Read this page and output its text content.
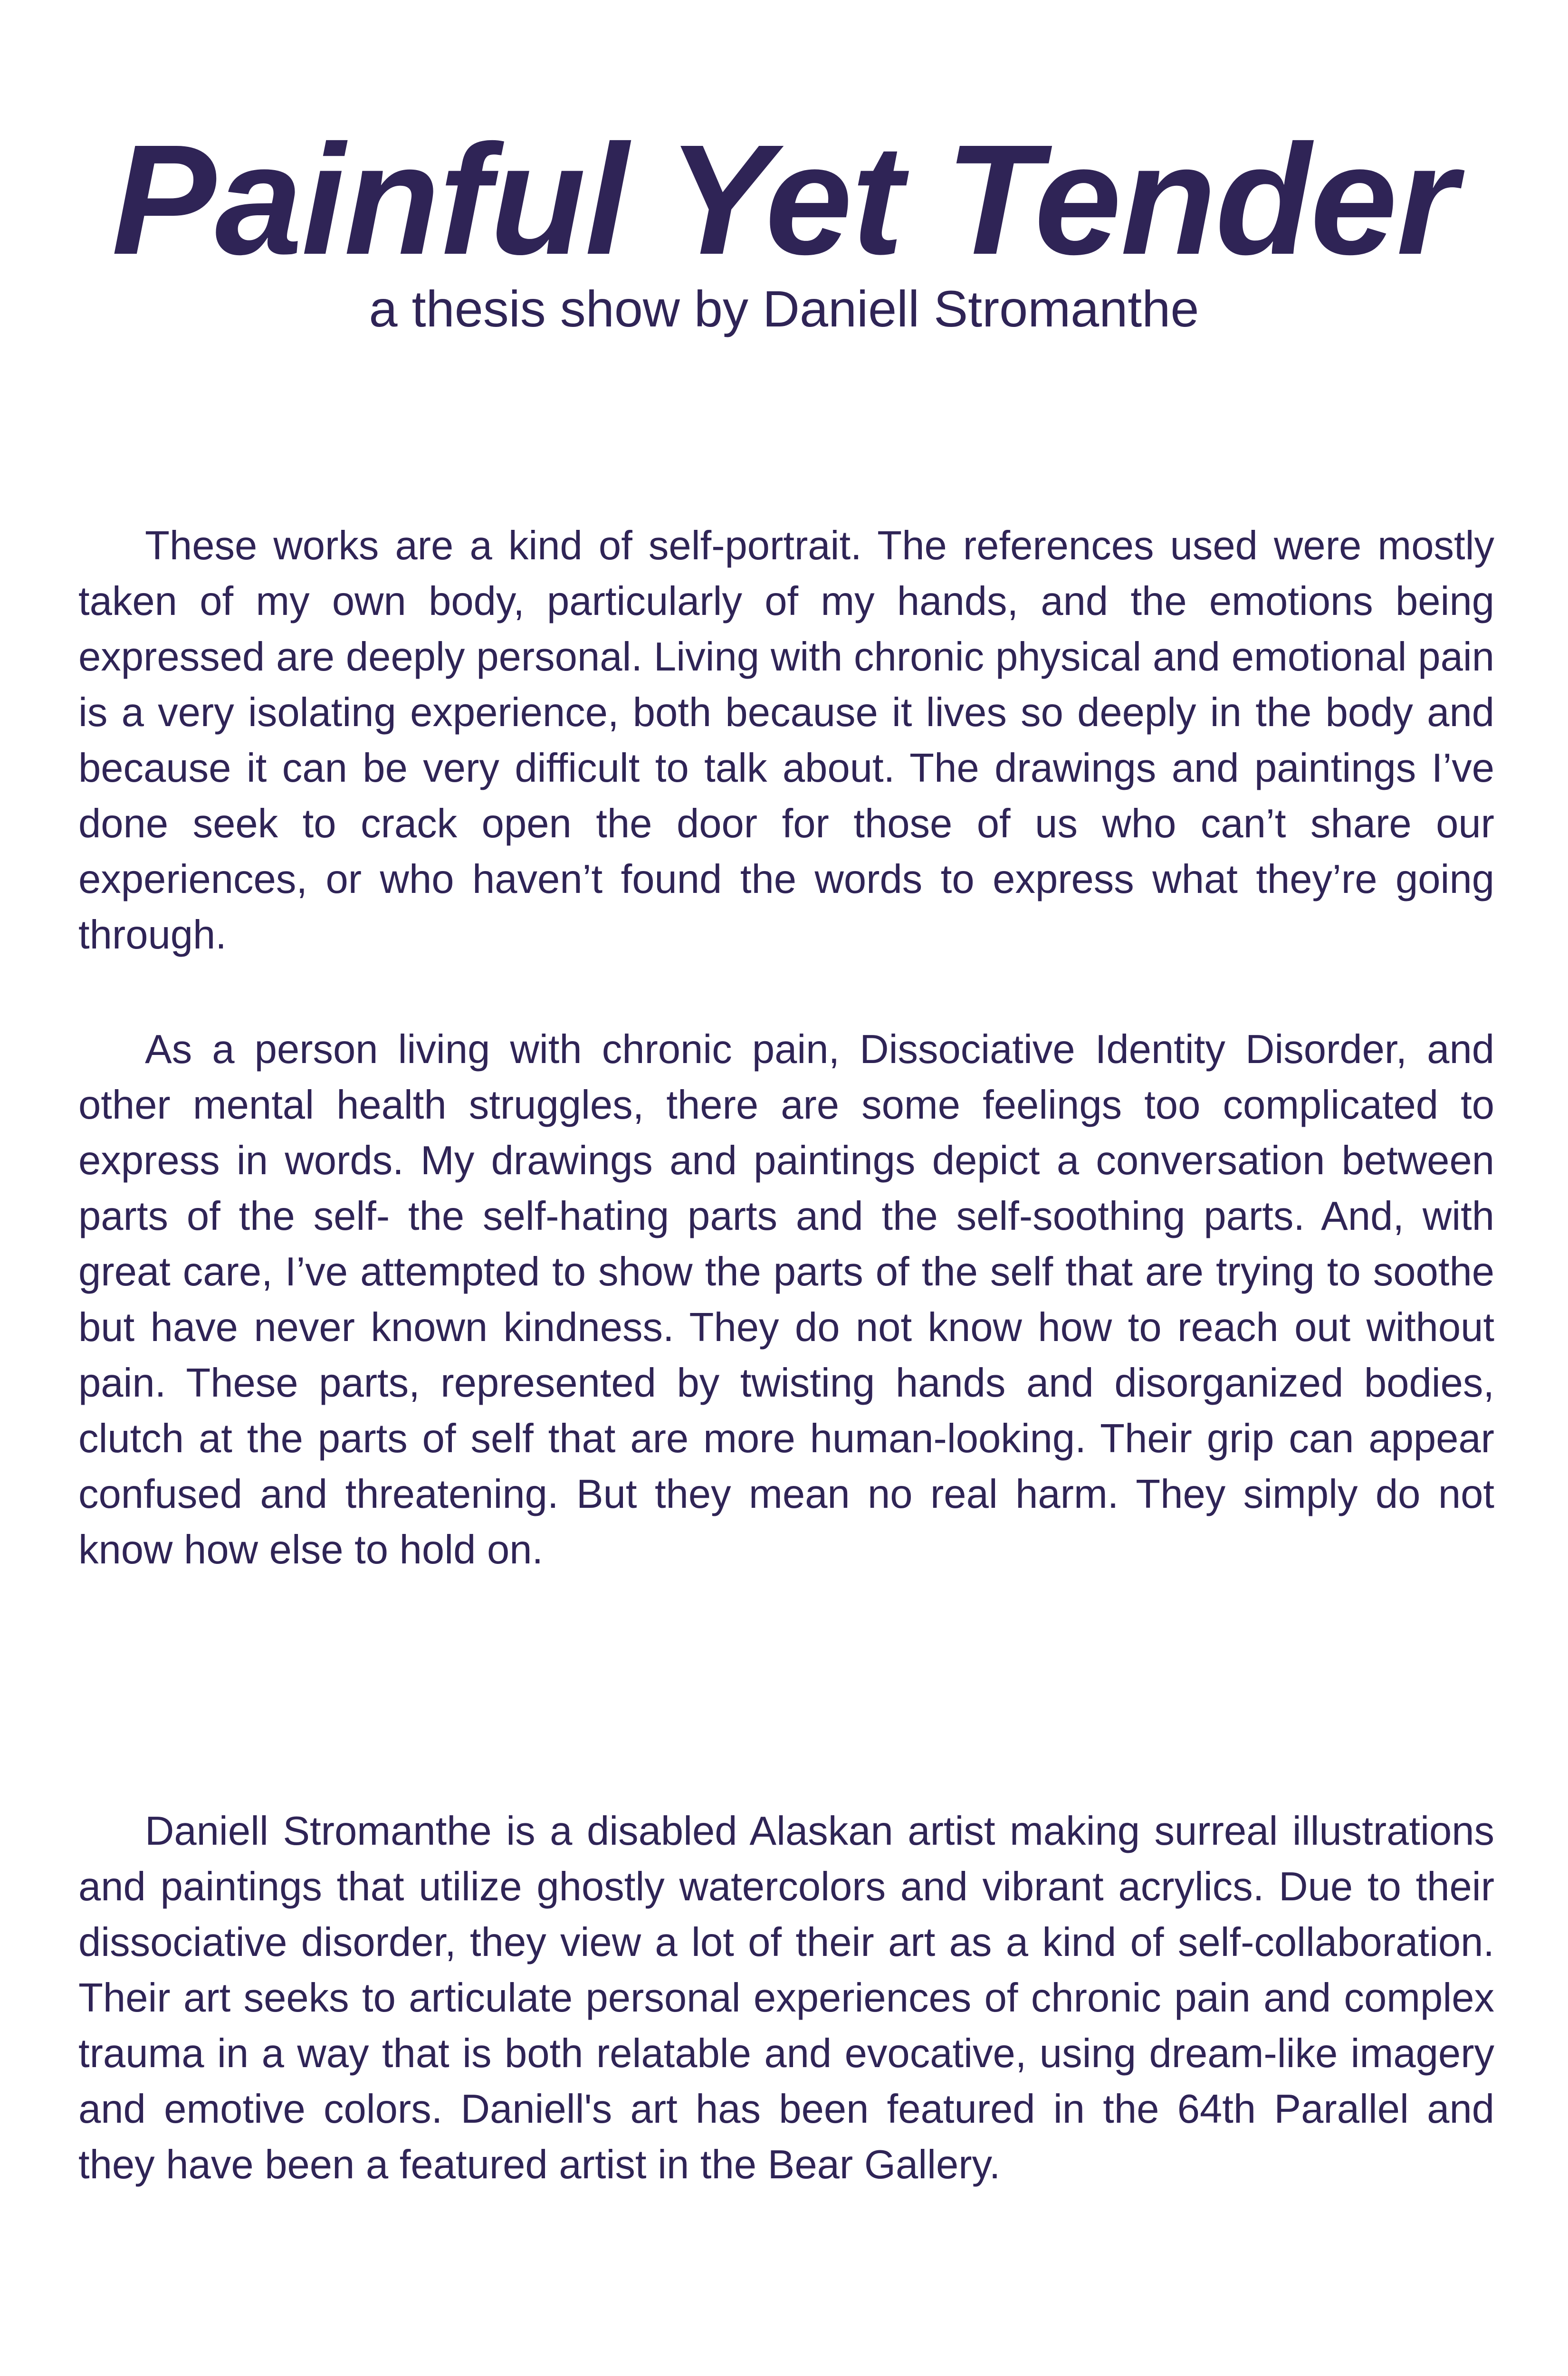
Painful Yet Tender

a thesis show by Daniell Stromanthe

These works are a kind of self-portrait. The references used were mostly taken of my own body, particularly of my hands, and the emotions being expressed are deeply personal. Living with chronic physical and emotional pain is a very isolating experience, both because it lives so deeply in the body and because it can be very difficult to talk about. The drawings and paintings I’ve done seek to crack open the door for those of us who can’t share our experiences, or who haven’t found the words to express what they’re going through.

As a person living with chronic pain, Dissociative Identity Disorder, and other mental health struggles, there are some feelings too complicated to express in words. My drawings and paintings depict a conversation between parts of the self- the self-hating parts and the self-soothing parts. And, with great care, I’ve attempted to show the parts of the self that are trying to soothe but have never known kindness. They do not know how to reach out without pain. These parts, represented by twisting hands and disorganized bodies, clutch at the parts of self that are more human-looking. Their grip can appear confused and threatening. But they mean no real harm. They simply do not know how else to hold on.

Daniell Stromanthe is a disabled Alaskan artist making surreal illustrations and paintings that utilize ghostly watercolors and vibrant acrylics. Due to their dissociative disorder, they view a lot of their art as a kind of self-collaboration. Their art seeks to articulate personal experiences of chronic pain and complex trauma in a way that is both relatable and evocative, using dream-like imagery and emotive colors. Daniell's art has been featured in the 64th Parallel and they have been a featured artist in the Bear Gallery.
